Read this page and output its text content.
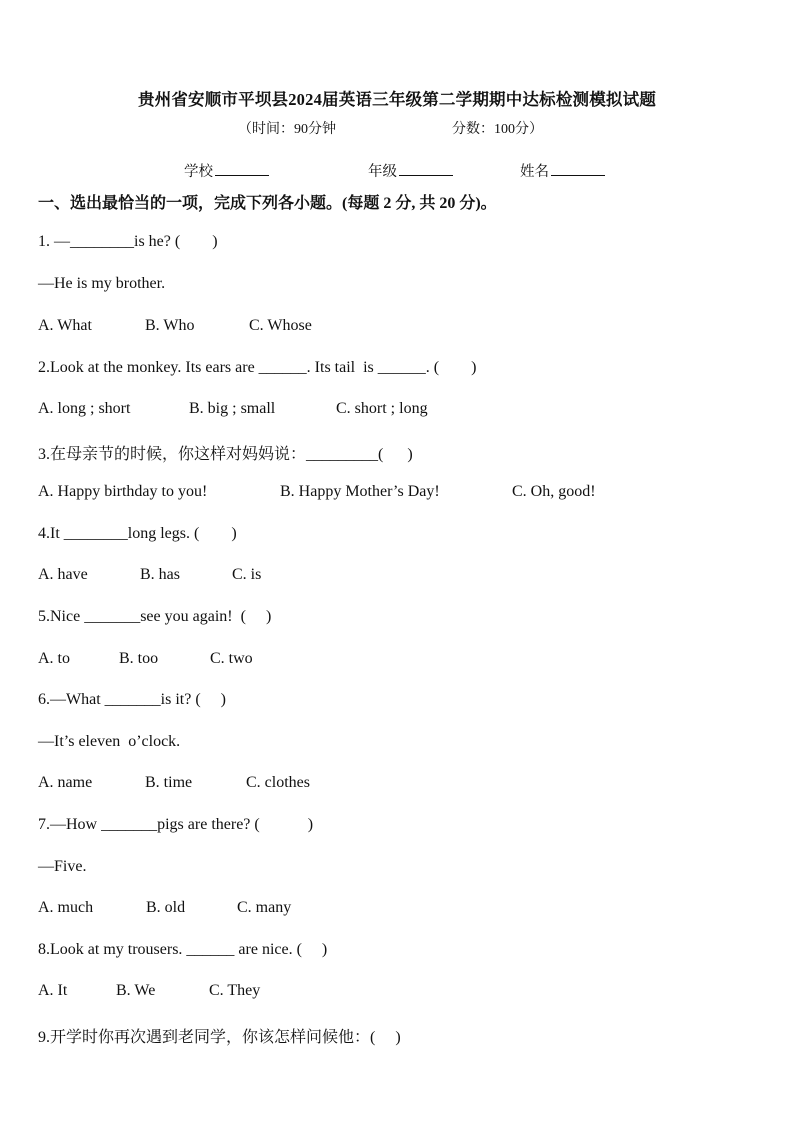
贵州省安顺市平坝县2024届英语三年级第二学期期中达标检测模拟试题
（时间：90分钟	分数：100分）
学校	年级	姓名
一、选出最恰当的一项，完成下列各小题。(每题 2 分, 共 20 分)。
1. —________is he? (        )
—He is my brother.
A. What	B. Who	C. Whose
2.Look at the monkey. Its ears are ______. Its tail  is ______. (        )
A. long ; short	B. big ; small	C. short ; long
3.在母亲节的时候，你这样对妈妈说：_________(      )
A. Happy birthday to you!	B. Happy Mother’s Day!	C. Oh, good!
4.It ________long legs. (        )
A. have	B. has	C. is
5.Nice _______see you again!  (     )
A. to	B. too	C. two
6.—What _______is it? (     )
—It’s eleven  o’clock.
A. name	B. time	C. clothes
7.—How _______pigs are there? (            )
—Five.
A. much	B. old	C. many
8.Look at my trousers. ______ are nice. (     )
A. It	B. We	C. They
9.开学时你再次遇到老同学，你该怎样问候他：(     )
